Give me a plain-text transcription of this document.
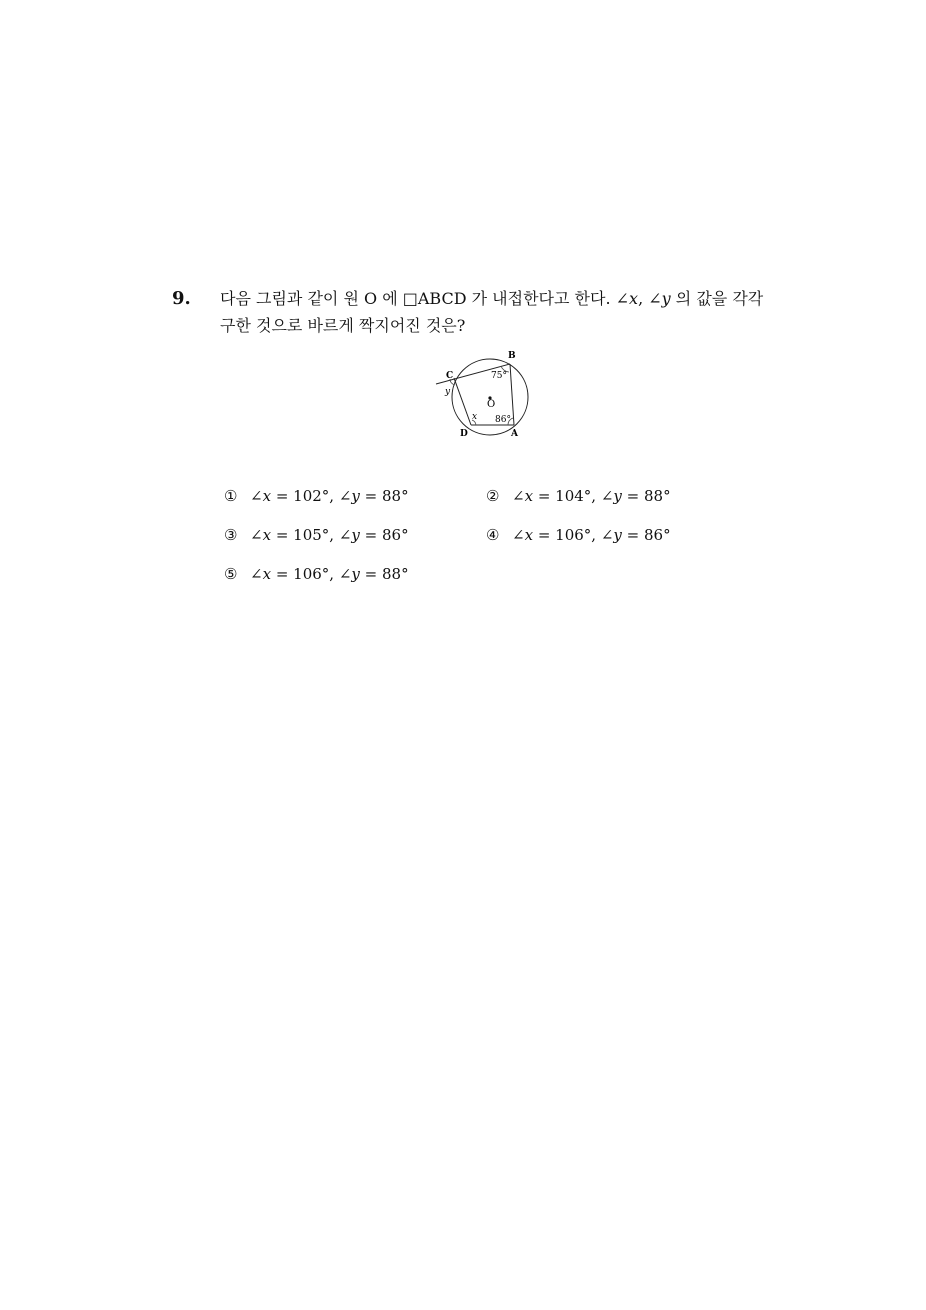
9. 다음 그림과 같이 원 O 에 □ABCD 가 내접한다고 한다. ∠x, ∠y 의 값을 각각
구한 것으로 바르게 짝지어진 것은?
B
C
D	A
O
75°
86°
x
y
① ∠x = 102°, ∠y = 88°	② ∠x = 104°, ∠y = 88°
③ ∠x = 105°, ∠y = 86°	④ ∠x = 106°, ∠y = 86°
⑤ ∠x = 106°, ∠y = 88°
